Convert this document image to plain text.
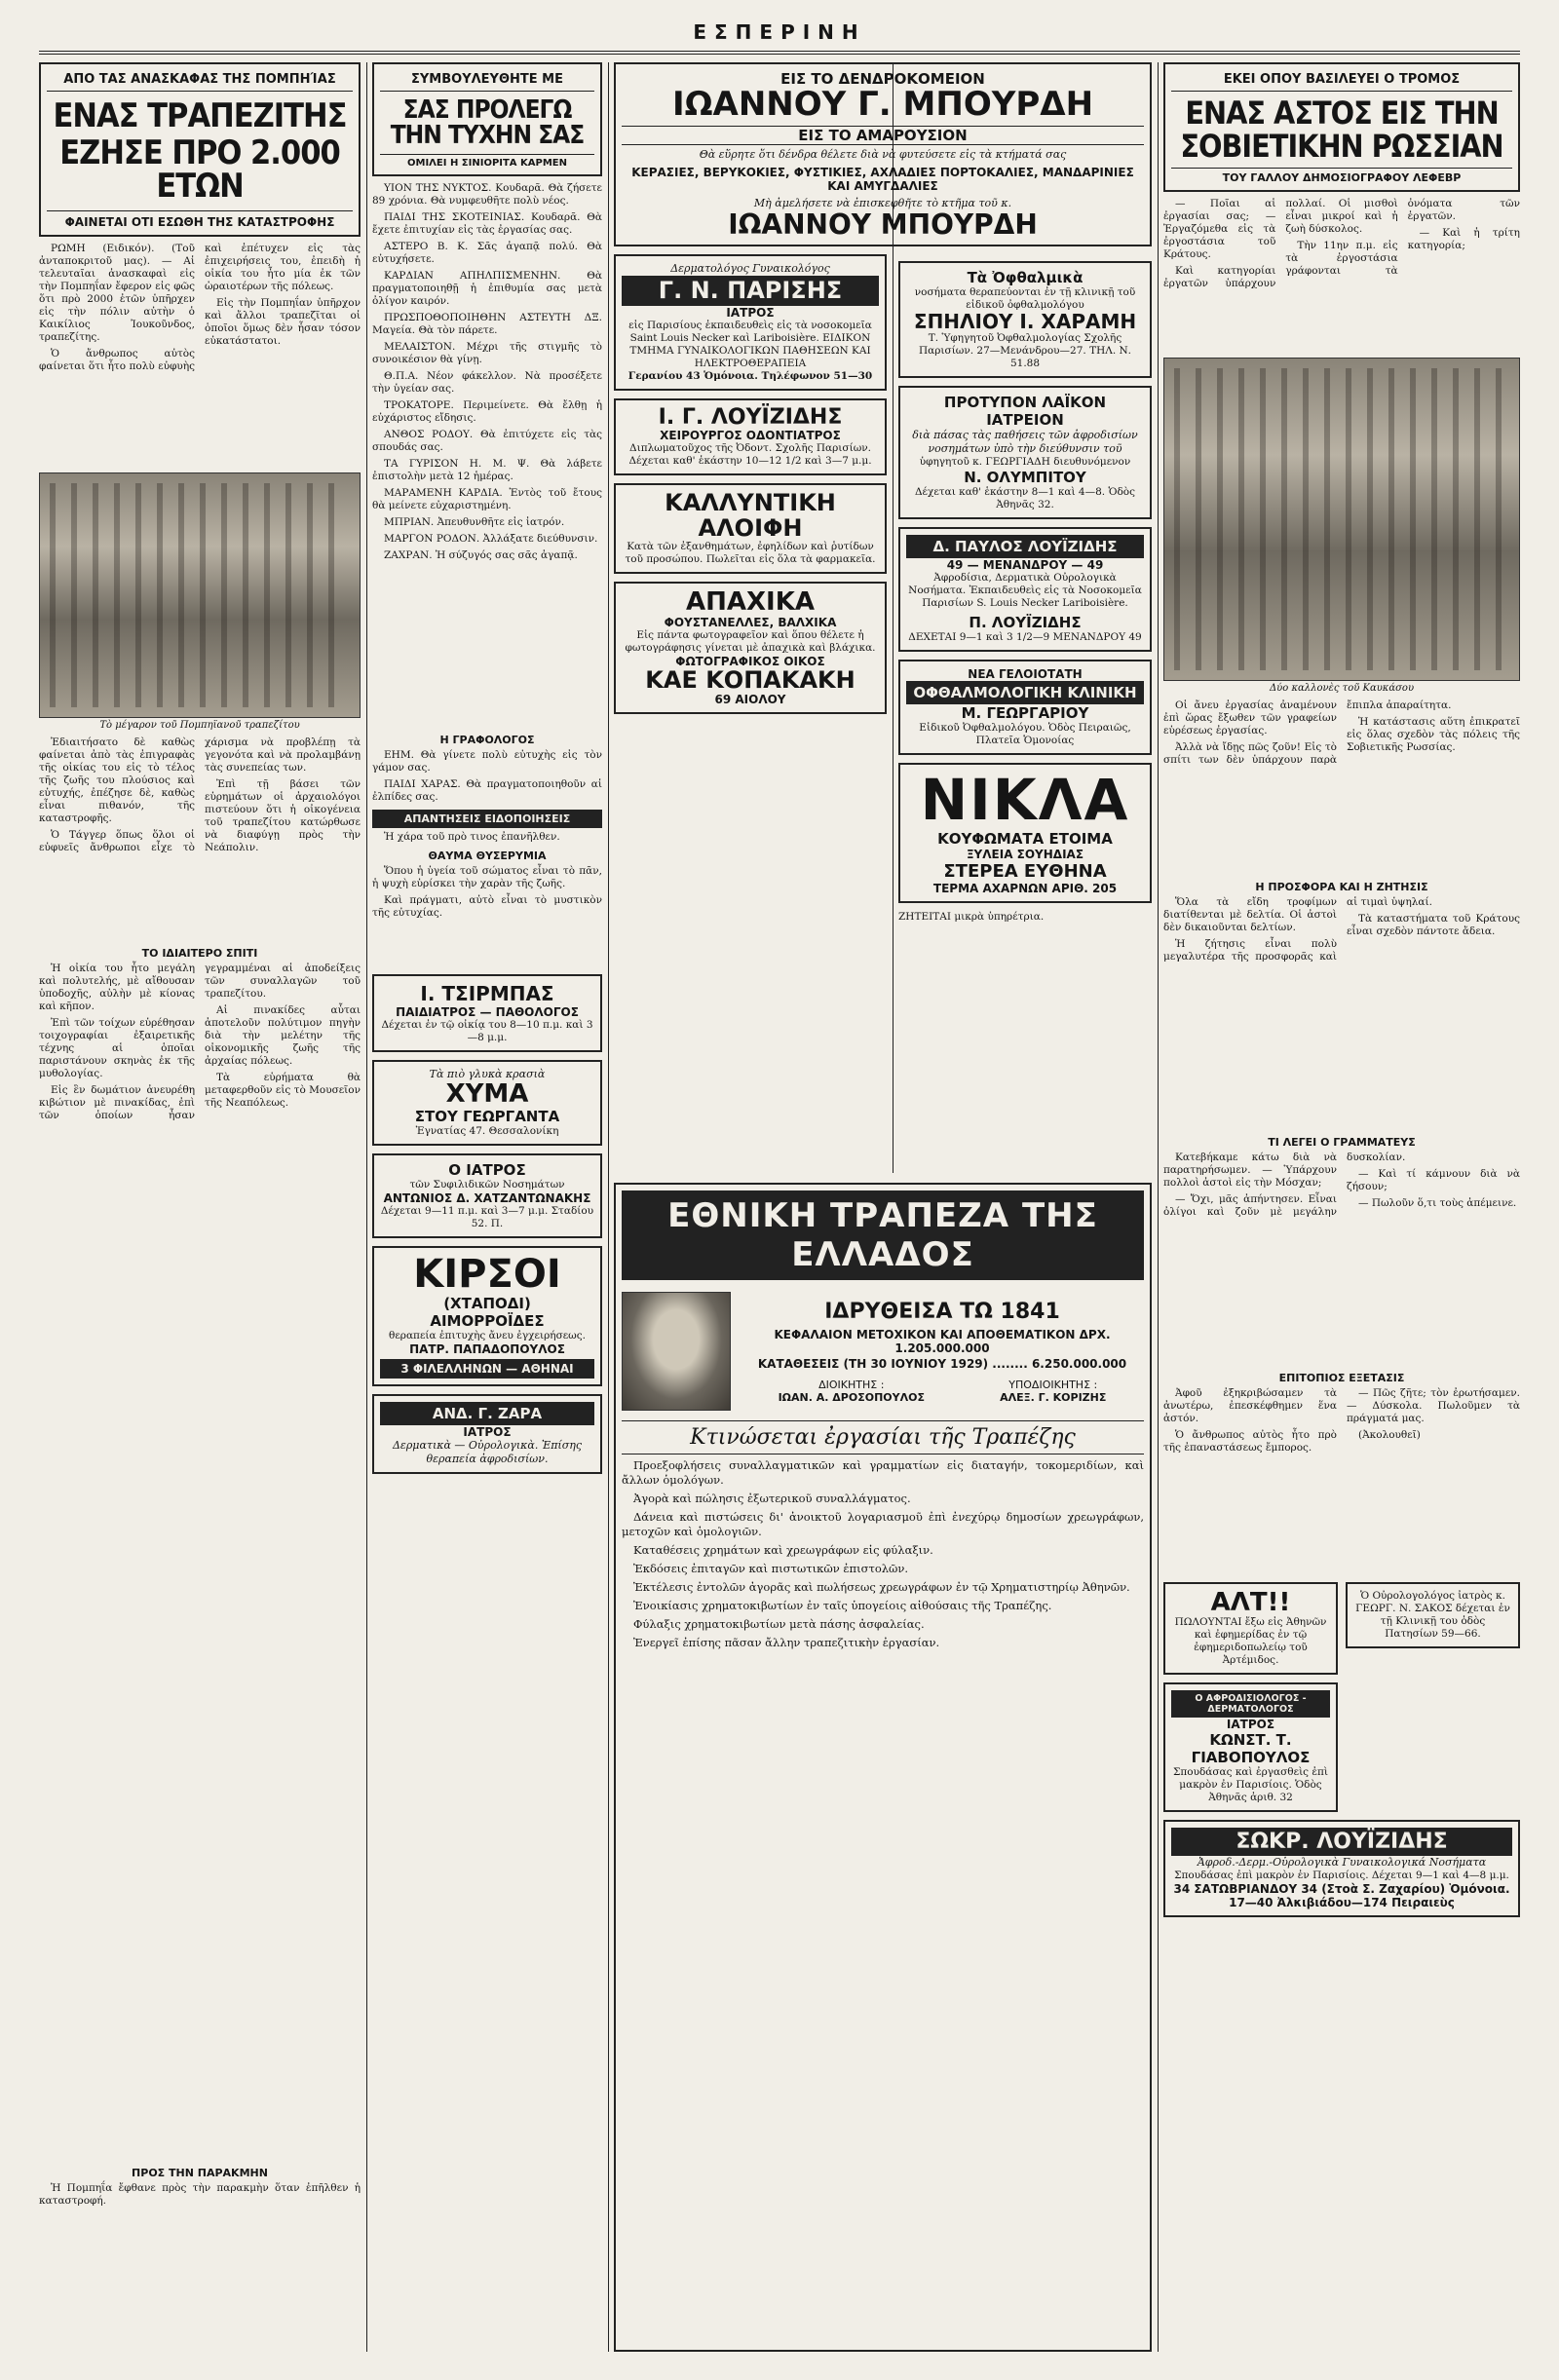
ΕΣΠΕΡΙΝΗ
ΑΠΟ ΤΑΣ ΑΝΑΣΚΑΦΑΣ ΤΗΣ ΠΟΜΠΗΊΑΣ
ΕΝΑΣ ΤΡΑΠΕΖΙΤΗΣ
ΕΖΗΣΕ ΠΡΟ 2.000 ΕΤΩΝ
ΦΑΙΝΕΤΑΙ ΟΤΙ ΕΣΩΘΗ ΤΗΣ ΚΑΤΑΣΤΡΟΦΗΣ

ΡΩΜΗ (Ειδικόν). (Τοῦ ἀνταποκριτοῦ μας). — Αἱ τελευταῖαι ἀνασκαφαὶ εἰς τὴν Πομπηΐαν ἔφερον εἰς φῶς ὅτι πρὸ 2000 ἐτῶν ὑπῆρχεν εἰς τὴν πόλιν αὐτὴν ὁ Καικίλιος Ἰουκοῦνδος, τραπεζίτης.

Ὁ ἄνθρωπος αὐτὸς φαίνεται ὅτι ἦτο πολὺ εὐφυὴς καὶ ἐπέτυχεν εἰς τὰς ἐπιχειρήσεις του, ἐπειδὴ ἡ οἰκία του ἦτο μία ἐκ τῶν ὡραιοτέρων τῆς πόλεως.

Εἰς τὴν Πομπηΐαν ὑπῆρχον καὶ ἄλλοι τραπεζῖται οἱ ὁποῖοι ὅμως δὲν ἦσαν τόσον εὐκατάστατοι.

Τὸ μέγαρον τοῦ Πομπηϊανοῦ τραπεζίτου

Ἐδιαιτήσατο δὲ καθὼς φαίνεται ἀπὸ τὰς ἐπιγραφὰς τῆς οἰκίας του εἰς τὸ τέλος τῆς ζωῆς του πλούσιος καὶ εὐτυχής, ἐπέζησε δὲ, καθὼς εἶναι πιθανόν, τῆς καταστροφῆς.

Ὁ Τάγγερ ὅπως ὅλοι οἱ εὐφυεῖς ἄνθρωποι εἶχε τὸ χάρισμα νὰ προβλέπῃ τὰ γεγονότα καὶ νὰ προλαμβάνῃ τὰς συνεπείας των.

Ἐπὶ τῇ βάσει τῶν εὑρημάτων οἱ ἀρχαιολόγοι πιστεύουν ὅτι ἡ οἰκογένεια τοῦ τραπεζίτου κατώρθωσε νὰ διαφύγῃ πρὸς τὴν Νεάπολιν.

ΤΟ ΙΔΙΑΙΤΕΡΟ ΣΠΙΤΙ

Ἡ οἰκία του ἦτο μεγάλη καὶ πολυτελής, μὲ αἴθουσαν ὑποδοχῆς, αὐλὴν μὲ κίονας καὶ κῆπον.

Ἐπὶ τῶν τοίχων εὑρέθησαν τοιχογραφίαι ἐξαιρετικῆς τέχνης αἱ ὁποῖαι παριστάνουν σκηνὰς ἐκ τῆς μυθολογίας.

Εἰς ἓν δωμάτιον ἀνευρέθη κιβώτιον μὲ πινακίδας, ἐπὶ τῶν ὁποίων ἦσαν γεγραμμέναι αἱ ἀποδείξεις τῶν συναλλαγῶν τοῦ τραπεζίτου.

Αἱ πινακίδες αὗται ἀποτελοῦν πολύτιμον πηγὴν διὰ τὴν μελέτην τῆς οἰκονομικῆς ζωῆς τῆς ἀρχαίας πόλεως.

Τὰ εὑρήματα θὰ μεταφερθοῦν εἰς τὸ Μουσεῖον τῆς Νεαπόλεως.

ΠΡΟΣ ΤΗΝ ΠΑΡΑΚΜΗΝ

Ἡ Πομπηΐα ἔφθανε πρὸς τὴν παρακμὴν ὅταν ἐπῆλθεν ἡ καταστροφή.

ΣΥΜΒΟΥΛΕΥΘΗΤΕ ΜΕ
ΣΑΣ ΠΡΟΛΕΓΩ ΤΗΝ ΤΥΧΗΝ ΣΑΣ
ΟΜΙΛΕΙ Η ΣΙΝΙΟΡΙΤΑ ΚΑΡΜΕΝ

ΥΙΟΝ ΤΗΣ ΝΥΚΤΟΣ. Κουδαρᾶ. Θὰ ζήσετε 89 χρόνια. Θὰ νυμφευθῆτε πολὺ νέος.

ΠΑΙΔΙ ΤΗΣ ΣΚΟΤΕΙΝΙΑΣ. Κουδαρᾶ. Θὰ ἔχετε ἐπιτυχίαν εἰς τὰς ἐργασίας σας.

ΑΣΤΕΡΟ Β. Κ. Σᾶς ἀγαπᾷ πολύ. Θὰ εὐτυχήσετε.

ΚΑΡΔΙΑΝ ΑΠΗΛΠΙΣΜΕΝΗΝ. Θὰ πραγματοποιηθῇ ἡ ἐπιθυμία σας μετὰ ὀλίγον καιρόν.

ΠΡΩΣΠΟΘΟΠΟΙΗΘΗΝ ΑΣΤΕΥΤΗ ΔΞ. Μαγεία. Θὰ τὸν πάρετε.

ΜΕΛΑΙΣΤΟΝ. Μέχρι τῆς στιγμῆς τὸ συνοικέσιον θὰ γίνῃ.

Θ.Π.Α. Νέον φάκελλον. Νὰ προσέξετε τὴν ὑγείαν σας.

ΤΡΟΚΑΤΟΡΕ. Περιμείνετε. Θὰ ἔλθῃ ἡ εὐχάριστος εἴδησις.

ΑΝΘΟΣ ΡΟΔΟΥ. Θὰ ἐπιτύχετε εἰς τὰς σπουδάς σας.

ΤΑ ΓΥΡΙΣΟΝ Η. Μ. Ψ. Θὰ λάβετε ἐπιστολὴν μετὰ 12 ἡμέρας.

ΜΑΡΑΜΕΝΗ ΚΑΡΔΙΑ. Ἐντὸς τοῦ ἔτους θὰ μείνετε εὐχαριστημένη.

ΜΠΡΙΑΝ. Ἀπευθυνθῆτε εἰς ἰατρόν.

ΜΑΡΓΟΝ ΡΟΔΟΝ. Ἀλλάξατε διεύθυνσιν.

ΖΑΧΡΑΝ. Ἡ σύζυγός σας σᾶς ἀγαπᾷ.

Η ΓΡΑΦΟΛΟΓΟΣ

ΕΗΜ. Θὰ γίνετε πολὺ εὐτυχὴς εἰς τὸν γάμον σας.

ΠΑΙΔΙ ΧΑΡΑΣ. Θὰ πραγματοποιηθοῦν αἱ ἐλπίδες σας.

ΑΠΑΝΤΗΣΕΙΣ ΕΙΔΟΠΟΙΗΣΕΙΣ

Ἡ χάρα τοῦ πρὸ τινος ἐπανῆλθεν.

ΘΑΥΜΑ ΘΥΣΕΡΥΜΙΑ

Ὅπου ἡ ὑγεία τοῦ σώματος εἶναι τὸ πᾶν, ἡ ψυχὴ εὑρίσκει τὴν χαρὰν τῆς ζωῆς.

Καὶ πράγματι, αὐτὸ εἶναι τὸ μυστικὸν τῆς εὐτυχίας.

Ι. ΤΣΙΡΜΠΑΣ
ΠΑΙΔΙΑΤΡΟΣ — ΠΑΘΟΛΟΓΟΣ
Δέχεται ἐν τῷ οἰκίᾳ του 8—10 π.μ. καὶ 3—8 μ.μ.
Τὰ πιὸ γλυκὰ κρασιὰ
ΧΥΜΑ
ΣΤΟΥ ΓΕΩΡΓΑΝΤΑ
Ἐγνατίας 47. Θεσσαλονίκη
Ο ΙΑΤΡΟΣ
τῶν Συφιλιδικῶν Νοσημάτων
ΑΝΤΩΝΙΟΣ Δ. ΧΑΤΖΑΝΤΩΝΑΚΗΣ
Δέχεται 9—11 π.μ. καὶ 3—7 μ.μ. Σταδίου 52. Π.
ΚΙΡΣΟΙ
(ΧΤΑΠΟΔΙ)
ΑΙΜΟΡΡΟΪΔΕΣ
θεραπεία ἐπιτυχὴς ἄνευ ἐγχειρήσεως.
ΠΑΤΡ. ΠΑΠΑΔΟΠΟΥΛΟΣ
3 ΦΙΛΕΛΛΗΝΩΝ — ΑΘΗΝΑΙ
ΑΝΔ. Γ. ΖΑΡΑ
ΙΑΤΡΟΣ
Δερματικὰ — Οὐρολογικὰ. Ἐπίσης θεραπεία ἀφροδισίων.
ΕΙΣ ΤΟ ΔΕΝΔΡΟΚΟΜΕΙΟΝ
ΙΩΑΝΝΟΥ Γ. ΜΠΟΥΡΔΗ
ΕΙΣ ΤΟ ΑΜΑΡΟΥΣΙΟΝ
Θὰ εὕρητε ὅτι δένδρα θέλετε διὰ νὰ φυτεύσετε εἰς τὰ κτήματά σας
ΚΕΡΑΣΙΕΣ, ΒΕΡΥΚΟΚΙΕΣ, ΦΥΣΤΙΚΙΕΣ, ΑΧΛΑΔΙΕΣ ΠΟΡΤΟΚΑΛΙΕΣ, ΜΑΝΔΑΡΙΝΙΕΣ ΚΑΙ ΑΜΥΓΔΑΛΙΕΣ
Μὴ ἀμελήσετε νὰ ἐπισκεφθῆτε τὸ κτῆμα τοῦ κ.
ΙΩΑΝΝΟΥ ΜΠΟΥΡΔΗ
Δερματολόγος Γυναικολόγος
Γ. Ν. ΠΑΡΙΣΗΣ
ΙΑΤΡΟΣ
εἰς Παρισίους ἐκπαιδευθεὶς εἰς τὰ νοσοκομεῖα Saint Louis Necker καὶ Lariboisière. ΕΙΔΙΚΟΝ ΤΜΗΜΑ ΓΥΝΑΙΚΟΛΟΓΙΚΩΝ ΠΑΘΗΣΕΩΝ ΚΑΙ ΗΛΕΚΤΡΟΘΕΡΑΠΕΙΑ
Γερανίου 43 Ὁμόνοια. Τηλέφωνον 51—30
Ι. Γ. ΛΟΥΪΖΙΔΗΣ
ΧΕΙΡΟΥΡΓΟΣ ΟΔΟΝΤΙΑΤΡΟΣ
Διπλωματοῦχος τῆς Ὀδοντ. Σχολῆς Παρισίων. Δέχεται καθ' ἑκάστην 10—12 1/2 καὶ 3—7 μ.μ.
ΚΑΛΛΥΝΤΙΚΗ ΑΛΟΙΦΗ
Κατὰ τῶν ἐξανθημάτων, ἐφηλίδων καὶ ῥυτίδων τοῦ προσώπου. Πωλεῖται εἰς ὅλα τὰ φαρμακεῖα.
ΑΠΑΧΙΚΑ
ΦΟΥΣΤΑΝΕΛΛΕΣ, ΒΑΛΧΙΚΑ
Εἰς πάντα φωτογραφεῖον καὶ ὅπου θέλετε ἡ φωτογράφησις γίνεται μὲ ἀπαχικὰ καὶ βλάχικα.
ΦΩΤΟΓΡΑΦΙΚΟΣ ΟΙΚΟΣ
ΚΑΕ ΚΟΠΑΚΑΚΗ
69 ΑΙΟΛΟΥ
Τὰ Ὀφθαλμικὰ
νοσήματα θεραπεύονται ἐν τῇ κλινικῇ τοῦ εἰδικοῦ ὀφθαλμολόγου
ΣΠΗΛΙΟΥ Ι. ΧΑΡΑΜΗ
Τ. Ὑφηγητοῦ Ὀφθαλμολογίας Σχολῆς Παρισίων. 27—Μενάνδρου—27. ΤΗΛ. Ν. 51.88
ΠΡΟΤΥΠΟΝ ΛΑΪΚΟΝ ΙΑΤΡΕΙΟΝ
διὰ πάσας τὰς παθήσεις τῶν ἀφροδισίων νοσημάτων ὑπὸ τὴν διεύθυνσιν τοῦ
ὑφηγητοῦ κ. ΓΕΩΡΓΙΑΔΗ διευθυνόμενον
Ν. ΟΛΥΜΠΙΤΟΥ
Δέχεται καθ' ἑκάστην 8—1 καὶ 4—8. Ὁδὸς Ἀθηνᾶς 32.
Δ. ΠΑΥΛΟΣ ΛΟΥΪΖΙΔΗΣ
49 — ΜΕΝΑΝΔΡΟΥ — 49
Ἀφροδίσια, Δερματικὰ Οὐρολογικὰ Νοσήματα. Ἐκπαιδευθεὶς εἰς τὰ Νοσοκομεῖα Παρισίων S. Louis Necker Lariboisière.
Π. ΛΟΥΪΖΙΔΗΣ
ΔΕΧΕΤΑΙ 9—1 καὶ 3 1/2—9 ΜΕΝΑΝΔΡΟΥ 49
ΝΕΑ ΓΕΛΟΙΟΤΑΤΗ
ΟΦΘΑΛΜΟΛΟΓΙΚΗ ΚΛΙΝΙΚΗ
Μ. ΓΕΩΡΓΑΡΙΟΥ
Εἰδικοῦ Ὀφθαλμολόγου. Ὁδὸς Πειραιῶς, Πλατεῖα Ὁμονοίας
ΝΙΚΛΑ
ΚΟΥΦΩΜΑΤΑ ΕΤΟΙΜΑ
ΞΥΛΕΙΑ ΣΟΥΗΔΙΑΣ
ΣΤΕΡΕΑ ΕΥΘΗΝΑ
ΤΕΡΜΑ ΑΧΑΡΝΩΝ ΑΡΙΘ. 205
ΖΗΤΕΙΤΑΙ μικρὰ ὑπηρέτρια.
ΕΘΝΙΚΗ ΤΡΑΠΕΖΑ ΤΗΣ ΕΛΛΑΔΟΣ
ΙΔΡΥΘΕΙΣΑ ΤΩ 1841
ΚΕΦΑΛΑΙΟΝ ΜΕΤΟΧΙΚΟΝ ΚΑΙ ΑΠΟΘΕΜΑΤΙΚΟΝ ΔΡΧ. 1.205.000.000
ΚΑΤΑΘΕΣΕΙΣ (ΤΗ 30 ΙΟΥΝΙΟΥ 1929) ........ 6.250.000.000
ΔΙΟΙΚΗΤΗΣ :
ΙΩΑΝ. Α. ΔΡΟΣΟΠΟΥΛΟΣ
ΥΠΟΔΙΟΙΚΗΤΗΣ :
ΑΛΕΞ. Γ. ΚΟΡΙΖΗΣ
Κτινώσεται ἐργασίαι τῆς Τραπέζης

Προεξοφλήσεις συναλλαγματικῶν καὶ γραμματίων εἰς διαταγήν, τοκομεριδίων, καὶ ἄλλων ὁμολόγων.

Ἀγορὰ καὶ πώλησις ἐξωτερικοῦ συναλλάγματος.

Δάνεια καὶ πιστώσεις δι' ἀνοικτοῦ λογαριασμοῦ ἐπὶ ἐνεχύρῳ δημοσίων χρεωγράφων, μετοχῶν καὶ ὁμολογιῶν.

Καταθέσεις χρημάτων καὶ χρεωγράφων εἰς φύλαξιν.

Ἐκδόσεις ἐπιταγῶν καὶ πιστωτικῶν ἐπιστολῶν.

Ἐκτέλεσις ἐντολῶν ἀγορᾶς καὶ πωλήσεως χρεωγράφων ἐν τῷ Χρηματιστηρίῳ Ἀθηνῶν.

Ἐνοικίασις χρηματοκιβωτίων ἐν ταῖς ὑπογείοις αἰθούσαις τῆς Τραπέζης.

Φύλαξις χρηματοκιβωτίων μετὰ πάσης ἀσφαλείας.

Ἐνεργεῖ ἐπίσης πᾶσαν ἄλλην τραπεζιτικὴν ἐργασίαν.

ΕΚΕΙ ΟΠΟΥ ΒΑΣΙΛΕΥΕΙ Ο ΤΡΟΜΟΣ
ΕΝΑΣ ΑΣΤΟΣ ΕΙΣ ΤΗΝ
ΣΟΒΙΕΤΙΚΗΝ ΡΩΣΣΙΑΝ
ΤΟΥ ΓΑΛΛΟΥ ΔΗΜΟΣΙΟΓΡΑΦΟΥ ΛΕΦΕΒΡ

— Ποῖαι αἱ ἐργασίαι σας; — Ἐργαζόμεθα εἰς τὰ ἐργοστάσια τοῦ Κράτους.

Καὶ κατηγορίαι ἐργατῶν ὑπάρχουν πολλαί. Οἱ μισθοὶ εἶναι μικροί καὶ ἡ ζωὴ δύσκολος.

Τὴν 11ην π.μ. εἰς τὰ ἐργοστάσια γράφονται τὰ ὀνόματα τῶν ἐργατῶν.

— Καὶ ἡ τρίτη κατηγορία;

Δύο καλλονὲς τοῦ Καυκάσου

Οἱ ἄνευ ἐργασίας ἀναμένουν ἐπὶ ὥρας ἔξωθεν τῶν γραφείων εὑρέσεως ἐργασίας.

Ἀλλὰ νὰ ἴδῃς πῶς ζοῦν! Εἰς τὸ σπίτι των δὲν ὑπάρχουν παρὰ ἔπιπλα ἀπαραίτητα.

Ἡ κατάστασις αὕτη ἐπικρατεῖ εἰς ὅλας σχεδὸν τὰς πόλεις τῆς Σοβιετικῆς Ρωσσίας.

Η ΠΡΟΣΦΟΡΑ ΚΑΙ Η ΖΗΤΗΣΙΣ

Ὅλα τὰ εἴδη τροφίμων διατίθενται μὲ δελτία. Οἱ ἀστοὶ δὲν δικαιοῦνται δελτίων.

Ἡ ζήτησις εἶναι πολὺ μεγαλυτέρα τῆς προσφορᾶς καὶ αἱ τιμαὶ ὑψηλαί.

Τὰ καταστήματα τοῦ Κράτους εἶναι σχεδὸν πάντοτε ἄδεια.

ΤΙ ΛΕΓΕΙ Ο ΓΡΑΜΜΑΤΕΥΣ

Κατεβήκαμε κάτω διὰ νὰ παρατηρήσωμεν. — Ὑπάρχουν πολλοὶ ἀστοὶ εἰς τὴν Μόσχαν;

— Ὄχι, μᾶς ἀπήντησεν. Εἶναι ὀλίγοι καὶ ζοῦν μὲ μεγάλην δυσκολίαν.

— Καὶ τί κάμνουν διὰ νὰ ζήσουν;

— Πωλοῦν ὅ,τι τοὺς ἀπέμεινε.

ΕΠΙΤΟΠΙΟΣ ΕΞΕΤΑΣΙΣ

Ἀφοῦ ἐξηκριβώσαμεν τὰ ἀνωτέρω, ἐπεσκέφθημεν ἕνα ἀστόν.

Ὁ ἄνθρωπος αὐτὸς ἦτο πρὸ τῆς ἐπαναστάσεως ἔμπορος.

— Πῶς ζῆτε; τὸν ἐρωτήσαμεν. — Δύσκολα. Πωλοῦμεν τὰ πράγματά μας.

(Ἀκολουθεῖ)

ΑΛΤ!!
ΠΩΛΟΥΝΤΑΙ ἔξω εἰς Ἀθηνῶν καὶ ἐφημερίδας ἐν τῷ ἐφημεριδοπωλείῳ τοῦ Ἀρτέμιδος.
Ο ΑΦΡΟΔΙΣΙΟΛΟΓΟΣ - ΔΕΡΜΑΤΟΛΟΓΟΣ
ΙΑΤΡΟΣ
ΚΩΝΣΤ. Τ. ΓΙΑΒΟΠΟΥΛΟΣ
Σπουδάσας καὶ ἐργασθεὶς ἐπὶ μακρὸν ἐν Παρισίοις. Ὁδὸς Ἀθηνᾶς ἀριθ. 32
Ὁ Οὐρολογολόγος ἰατρὸς κ. ΓΕΩΡΓ. Ν. ΣΑΚΟΣ δέχεται ἐν τῇ Κλινικῇ του ὁδὸς Πατησίων 59—66.
ΣΩΚΡ. ΛΟΥΪΖΙΔΗΣ
Ἀφροδ.-Δερμ.-Οὐρολογικὰ Γυναικολογικά Νοσήματα
Σπουδάσας ἐπὶ μακρὸν ἐν Παρισίοις. Δέχεται 9—1 καὶ 4—8 μ.μ.
34 ΣΑΤΩΒΡΙΑΝΔΟΥ 34 (Στοὰ Σ. Ζαχαρίου) Ὁμόνοια. 17—40 Ἀλκιβιάδου—174 Πειραιεὺς
